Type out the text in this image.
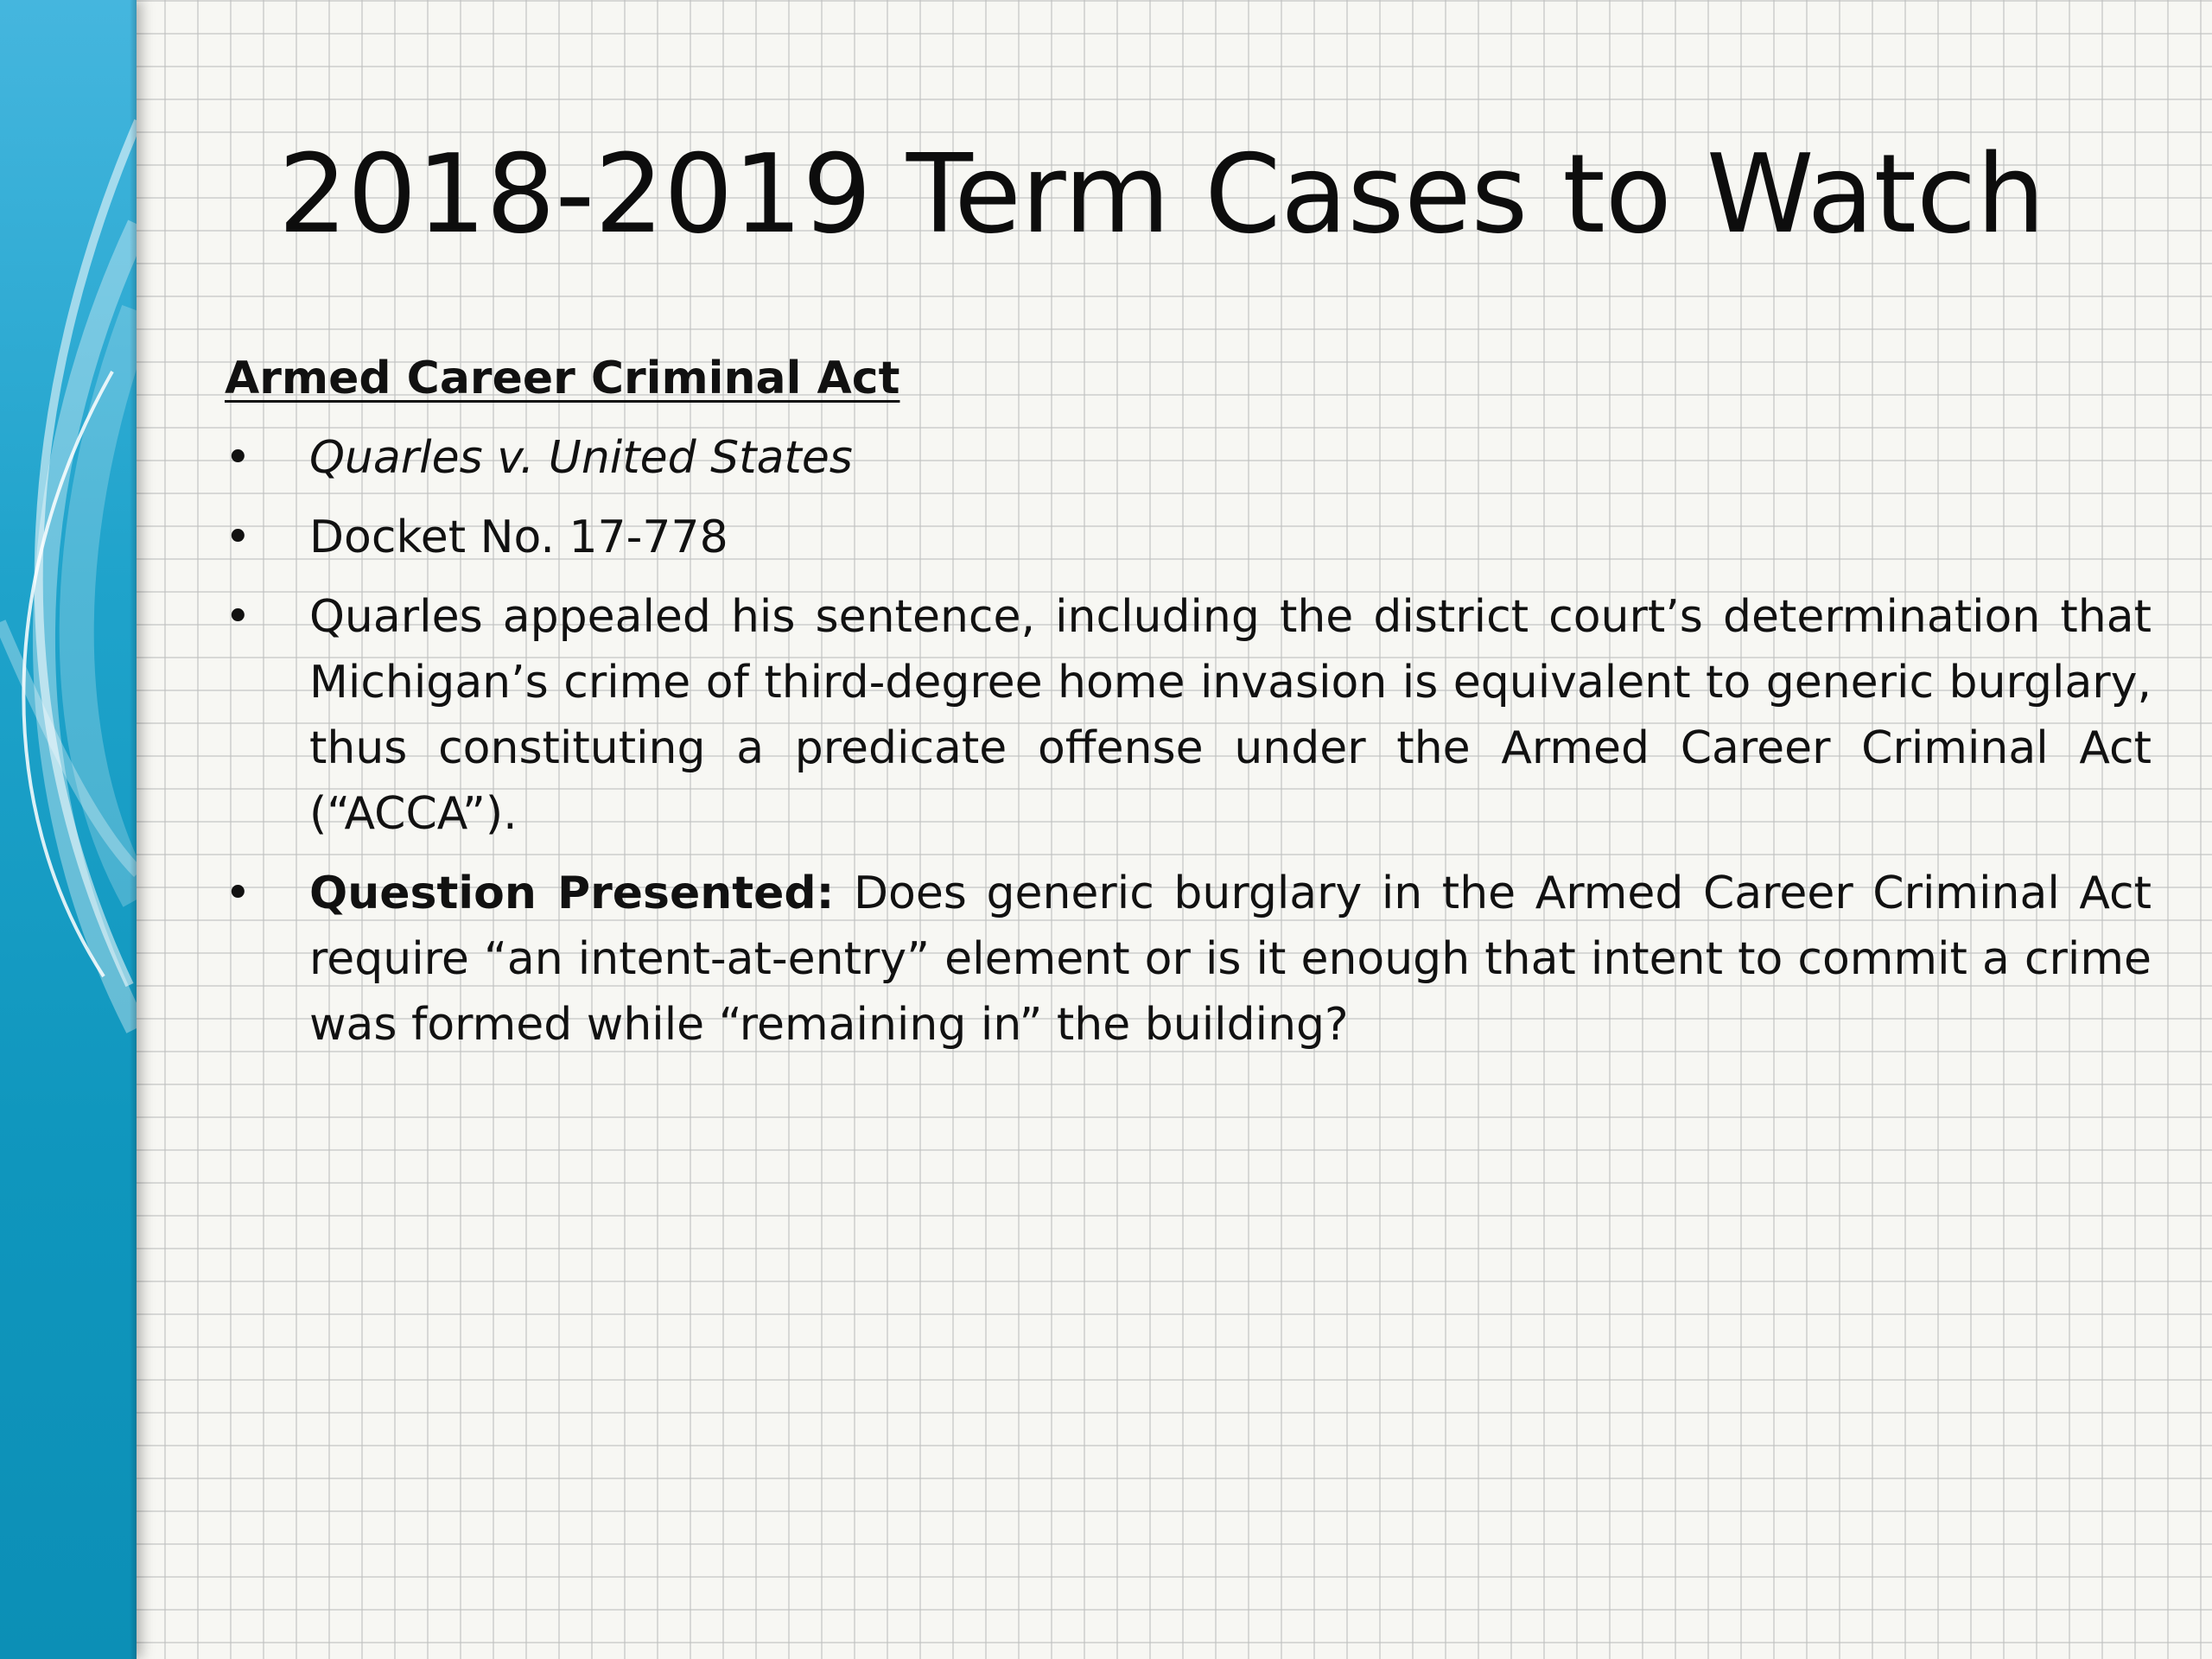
2018-2019 Term Cases to Watch
Armed Career Criminal Act
• Quarles v. United States
• Docket No. 17-778
• Quarles appealed his sentence, including the district court’s determination that Michigan’s crime of third-degree home invasion is equivalent to generic burglary, thus constituting a predicate offense under the Armed Career Criminal Act (“ACCA”).
• Question Presented: Does generic burglary in the Armed Career Criminal Act require “an intent-at-entry” element or is it enough that intent to commit a crime was formed while “remaining in” the building?
